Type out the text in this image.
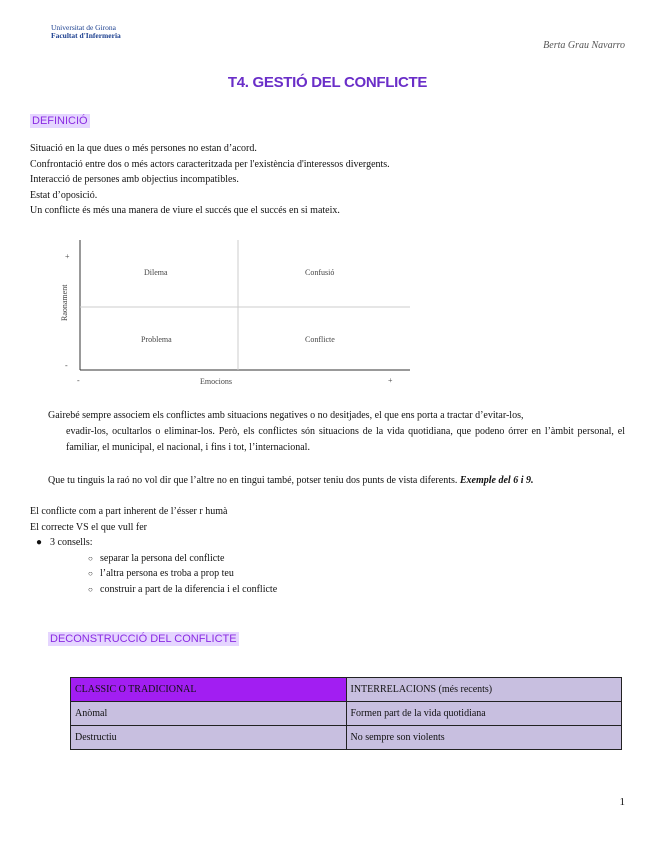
Universitat de Girona
Facultat d'Infermeria
Berta Grau Navarro
T4. GESTIÓ DEL CONFLICTE
DEFINICIÓ
Situació en la que dues o més persones no estan d’acord.
Confrontació entre dos o més actors caracteritzada per l'existència d'interessos divergents.
Interacció de persones amb objectius incompatibles.
Estat d’oposició.
Un conflicte és més una manera de viure el succés que el succés en si mateix.
+
-
-	+
Emocions
Raonament
Dilema	Confusió
Problema	Conflicte
Gairebé sempre associem els conflictes amb situacions negatives o no desitjades, el que ens porta a tractar d’evitar-los,
evadir-los, ocultarlos o eliminar-los. Però, els conflictes són situacions de la vida quotidiana, que podeno órrer en l’àmbit personal, el familiar, el municipal, el nacional, i fins i tot, l’internacional.
Que tu tinguis la raó no vol dir que l’altre no en tingui també, potser teniu dos punts de vista diferents. Exemple del 6 i 9.
El conflicte com a part inherent de l’ésser r humà
El correcte VS el que vull fer
● 3 consells:
○ separar la persona del conflicte
○ l’altra persona es troba a prop teu
○ construir a part de la diferencia i el conflicte
DECONSTRUCCIÓ DEL CONFLICTE
CLASSIC O TRADICIONAL	INTERRELACIONS (més recents)
Anòmal	Formen part de la vida quotidiana
Destructiu	No sempre son violents
1
